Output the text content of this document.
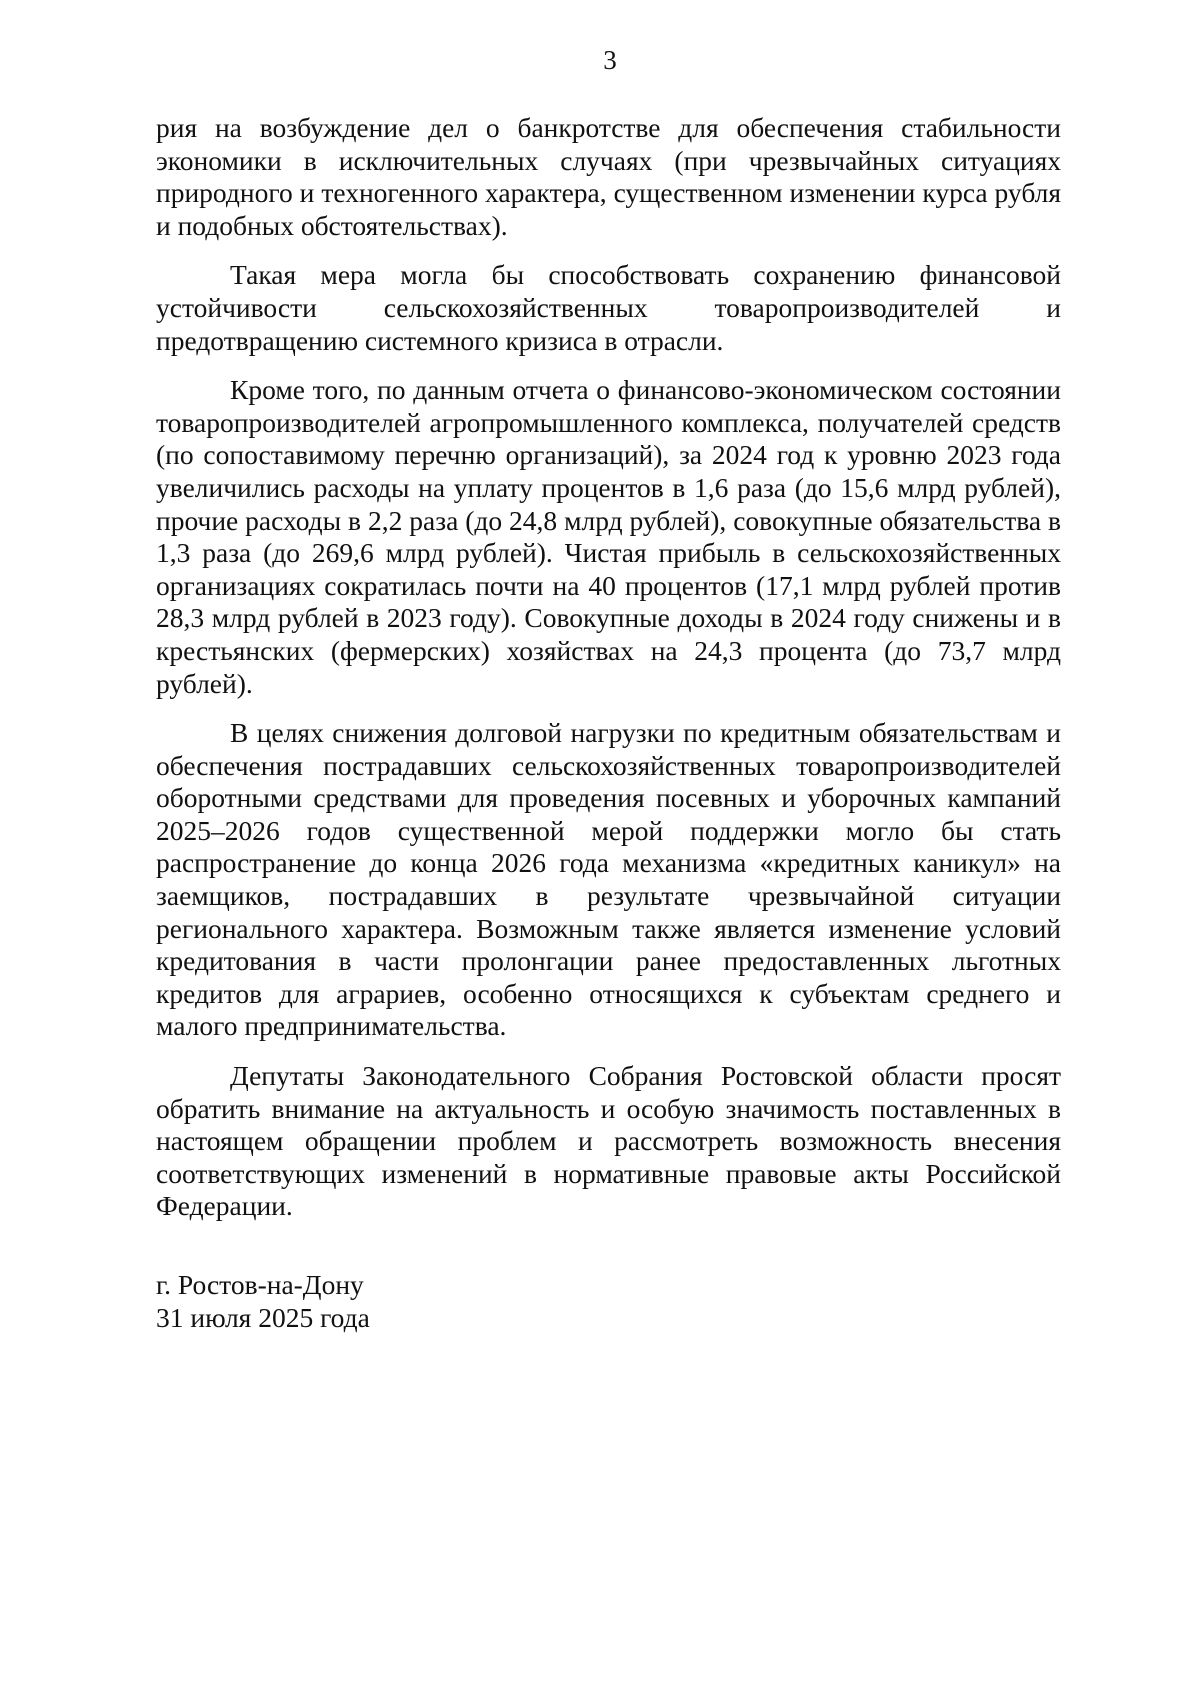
3

рия на возбуждение дел о банкротстве для обеспечения стабильности экономики в исключительных случаях (при чрезвычайных ситуациях природного и техногенного характера, существенном изменении курса рубля и подобных обстоятельствах).

Такая мера могла бы способствовать сохранению финансовой устойчивости сельскохозяйственных товаропроизводителей и предотвращению системного кризиса в отрасли.

Кроме того, по данным отчета о финансово-экономическом состоянии товаропроизводителей агропромышленного комплекса, получателей средств (по сопоставимому перечню организаций), за 2024 год к уровню 2023 года увеличились расходы на уплату процентов в 1,6 раза (до 15,6 млрд рублей), прочие расходы в 2,2 раза (до 24,8 млрд рублей), совокупные обязательства в 1,3 раза (до 269,6 млрд рублей). Чистая прибыль в сельскохозяйственных организациях сократилась почти на 40 процентов (17,1 млрд рублей против 28,3 млрд рублей в 2023 году). Совокупные доходы в 2024 году снижены и в крестьянских (фермерских) хозяйствах на 24,3 процента (до 73,7 млрд рублей).

В целях снижения долговой нагрузки по кредитным обязательствам и обеспечения пострадавших сельскохозяйственных товаропроизводителей оборотными средствами для проведения посевных и уборочных кампаний 2025–2026 годов существенной мерой поддержки могло бы стать распространение до конца 2026 года механизма «кредитных каникул» на заемщиков, пострадавших в результате чрезвычайной ситуации регионального характера. Возможным также является изменение условий кредитования в части пролонгации ранее предоставленных льготных кредитов для аграриев, особенно относящихся к субъектам среднего и малого предпринимательства.

Депутаты Законодательного Собрания Ростовской области просят обратить внимание на актуальность и особую значимость поставленных в настоящем обращении проблем и рассмотреть возможность внесения соответствующих изменений в нормативные правовые акты Российской Федерации.

г. Ростов-на-Дону
31 июля 2025 года
